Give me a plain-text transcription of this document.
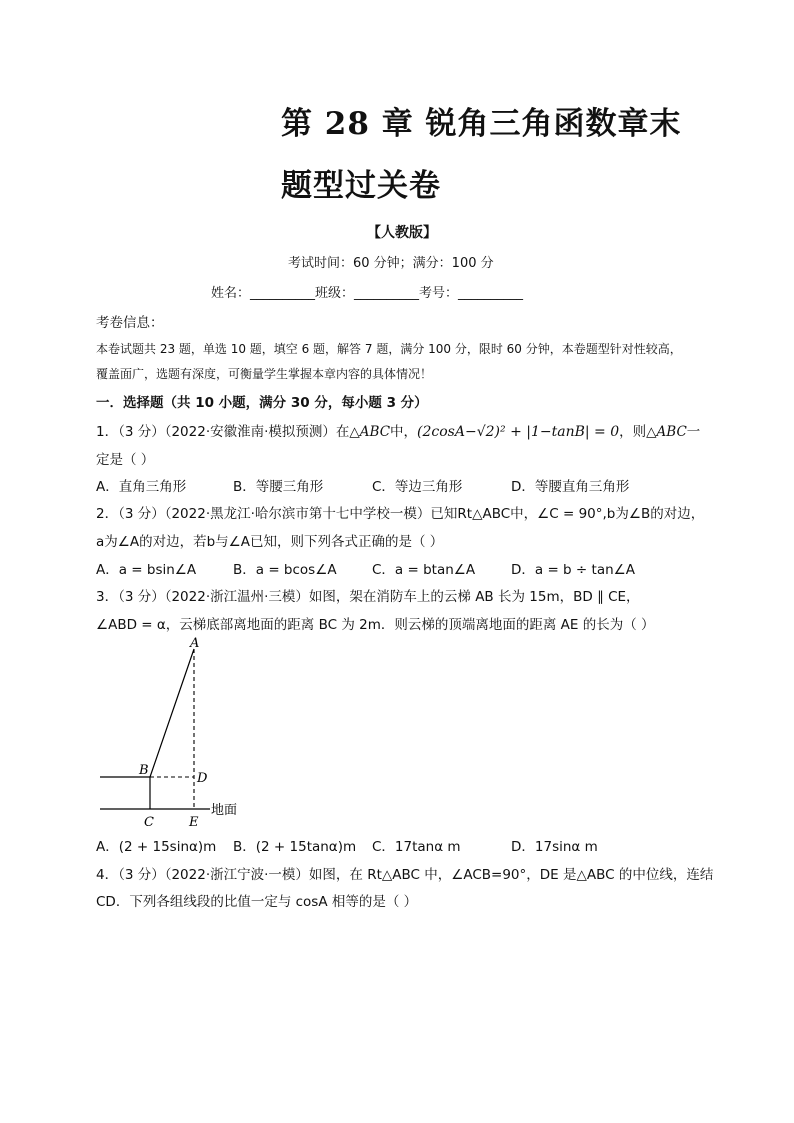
第 28 章 锐角三角函数章末
题型过关卷
【人教版】
考试时间：60 分钟；满分：100 分
姓名：__________班级：__________考号：__________
考卷信息：
本卷试题共 23 题，单选 10 题，填空 6 题，解答 7 题，满分 100 分，限时 60 分钟，本卷题型针对性较高，
覆盖面广，选题有深度，可衡量学生掌握本章内容的具体情况！
一．选择题（共 10 小题，满分 30 分，每小题 3 分）
1．（3 分）（2022·安徽淮南·模拟预测）在△ABC中，(2cosA−√2)² + |1−tanB| = 0，则△ABC一
定是（ ）
A．直角三角形	B．等腰三角形	C．等边三角形	D．等腰直角三角形
2．（3 分）（2022·黑龙江·哈尔滨市第十七中学校一模）已知Rt△ABC中，∠C = 90°,b为∠B的对边，
a为∠A的对边，若b与∠A已知，则下列各式正确的是（ ）
A．a = bsin∠A	B．a = bcos∠A	C．a = btan∠A	D．a = b ÷ tan∠A
3．（3 分）（2022·浙江温州·三模）如图，架在消防车上的云梯 AB 长为 15m，BD ∥ CE，
∠ABD = α，云梯底部离地面的距离 BC 为 2m．则云梯的顶端离地面的距离 AE 的长为（ ）
A
B
D
C	E
地面
A．(2 + 15sinα)m B．(2 + 15tanα)m C．17tanα m	D．17sinα m
4．（3 分）（2022·浙江宁波·一模）如图，在 Rt△ABC 中，∠ACB=90°，DE 是△ABC 的中位线，连结
CD．下列各组线段的比值一定与 cosA 相等的是（ ）
